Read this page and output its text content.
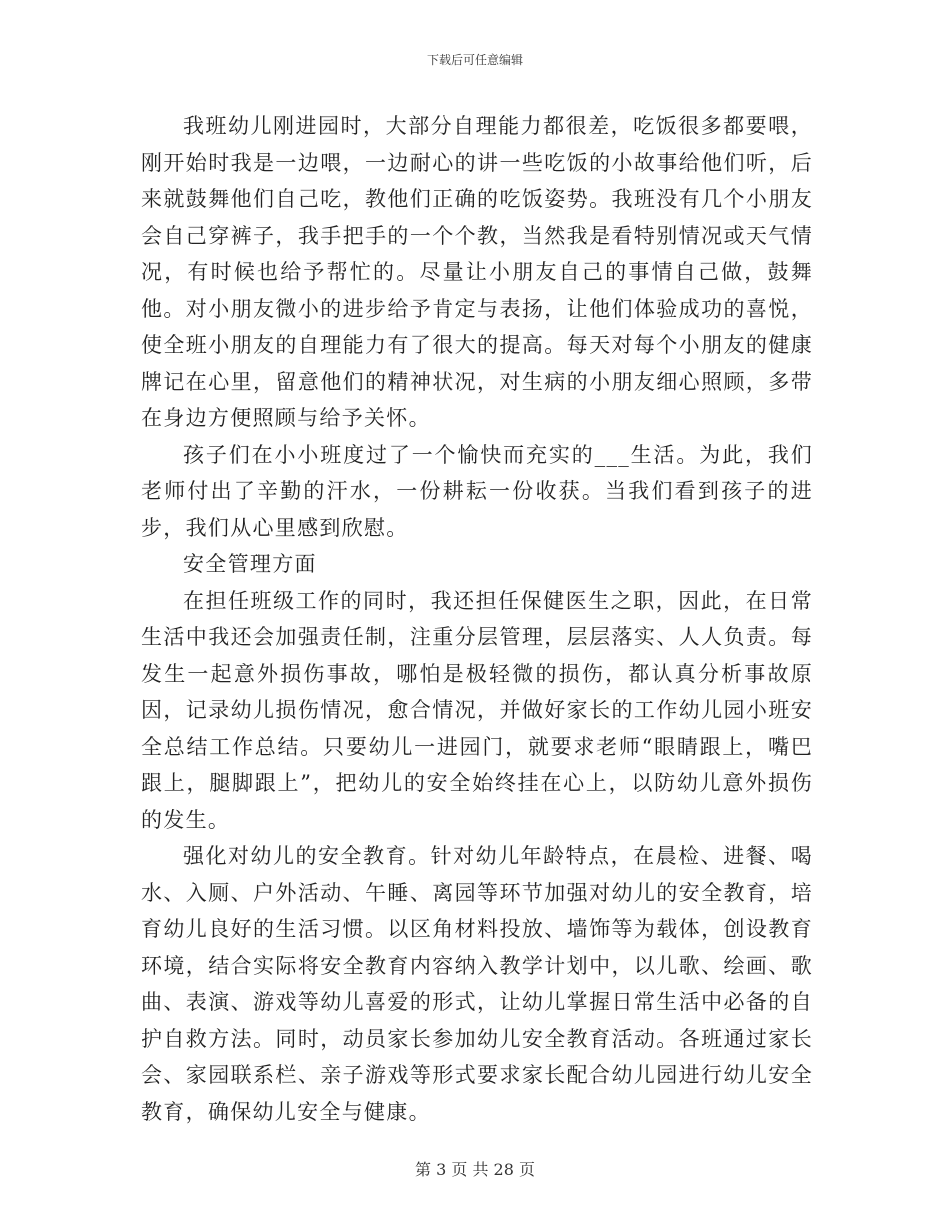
下载后可任意编辑

我班幼儿刚进园时，大部分自理能力都很差，吃饭很多都要喂，刚开始时我是一边喂，一边耐心的讲一些吃饭的小故事给他们听，后来就鼓舞他们自己吃，教他们正确的吃饭姿势。我班没有几个小朋友会自己穿裤子，我手把手的一个个教，当然我是看特别情况或天气情况，有时候也给予帮忙的。尽量让小朋友自己的事情自己做，鼓舞他。对小朋友微小的进步给予肯定与表扬，让他们体验成功的喜悦，使全班小朋友的自理能力有了很大的提高。每天对每个小朋友的健康牌记在心里，留意他们的精神状况，对生病的小朋友细心照顾，多带在身边方便照顾与给予关怀。

孩子们在小小班度过了一个愉快而充实的___生活。为此，我们老师付出了辛勤的汗水，一份耕耘一份收获。当我们看到孩子的进步，我们从心里感到欣慰。

安全管理方面

在担任班级工作的同时，我还担任保健医生之职，因此，在日常生活中我还会加强责任制，注重分层管理，层层落实、人人负责。每发生一起意外损伤事故，哪怕是极轻微的损伤，都认真分析事故原因，记录幼儿损伤情况，愈合情况，并做好家长的工作幼儿园小班安全总结工作总结。只要幼儿一进园门，就要求老师“眼睛跟上，嘴巴跟上，腿脚跟上”，把幼儿的安全始终挂在心上，以防幼儿意外损伤的发生。

强化对幼儿的安全教育。针对幼儿年龄特点，在晨检、进餐、喝水、入厕、户外活动、午睡、离园等环节加强对幼儿的安全教育，培育幼儿良好的生活习惯。以区角材料投放、墙饰等为载体，创设教育环境，结合实际将安全教育内容纳入教学计划中，以儿歌、绘画、歌曲、表演、游戏等幼儿喜爱的形式，让幼儿掌握日常生活中必备的自护自救方法。同时，动员家长参加幼儿安全教育活动。各班通过家长会、家园联系栏、亲子游戏等形式要求家长配合幼儿园进行幼儿安全教育，确保幼儿安全与健康。

第 3 页 共 28 页
